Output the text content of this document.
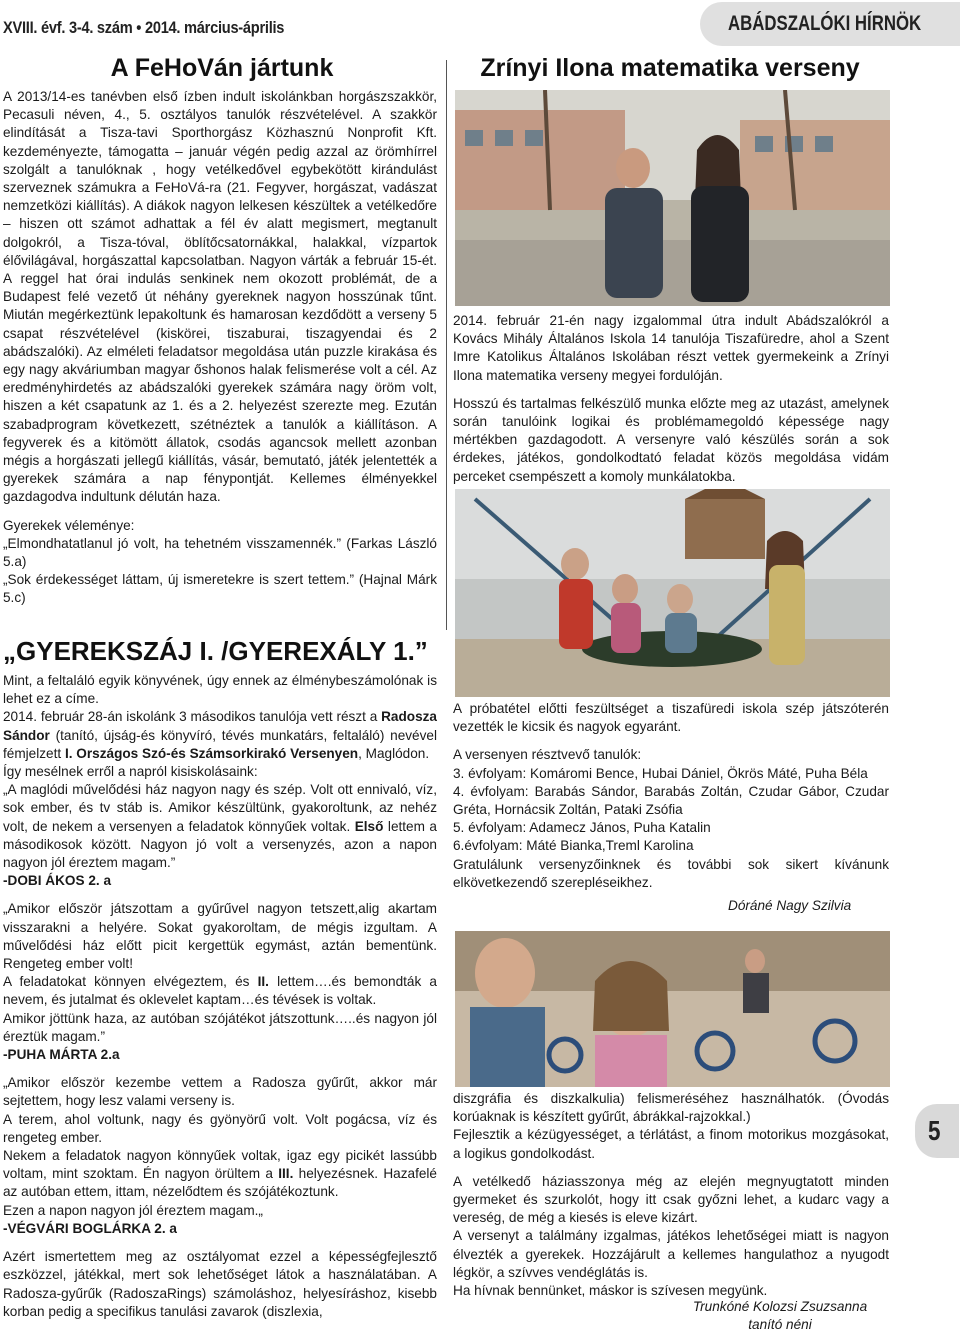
XVIII. évf. 3-4. szám • 2014. március-április	ABÁDSZALÓKI HÍRNÖK
A FeHoVán jártunk

A 2013/14-es tanévben első ízben indult iskolánkban horgászszakkör, Pecasuli néven, 4., 5. osztályos tanulók részvételével. A szakkör elindítását a Tisza-tavi Sporthorgász Közhasznú Nonprofit Kft. kezdeményezte, támogatta – január végén pedig azzal az örömhírrel szolgált a tanulóknak , hogy vetélkedővel egybekötött kirándulást szerveznek számukra a FeHoVá-ra (21. Fegyver, horgászat, vadászat nemzetközi kiállítás). A diákok nagyon lelkesen készültek a vetélkedőre – hiszen ott számot adhattak a fél év alatt megismert, megtanult dolgokról, a Tisza-tóval, öblítőcsatornákkal, halakkal, vízpartok élővilágával, horgászattal kapcsolatban. Nagyon várták a február 15-ét. A reggel hat órai indulás senkinek nem okozott problémát, de a Budapest felé vezető út néhány gyereknek nagyon hosszúnak tűnt. Miután megérkeztünk lepakoltunk és hamarosan kezdődött a verseny 5 csapat részvételével (kiskörei, tiszaburai, tiszagyendai és 2 abádszalóki). Az elméleti feladatsor megoldása után puzzle kirakása és egy nagy akváriumban magyar őshonos halak felismerése volt a cél. Az eredményhirdetés az abádszalóki gyerekek számára nagy öröm volt, hiszen a két csapatunk az 1. és a 2. helyezést szerezte meg. Ezután szabadprogram következett, szétnéztek a tanulók a kiállításon. A fegyverek és a kitömött állatok, csodás agancsok mellett azonban mégis a horgászati jellegű kiállítás, vásár, bemutató, játék jelentették a gyerekek számára a nap fénypontját. Kellemes élményekkel gazdagodva indultunk délután haza.

Gyerekek véleménye:

„Elmondhatatlanul jó volt, ha tehetném visszamennék.” (Farkas László 5.a)

„Sok érdekességet láttam, új ismeretekre is szert tettem.” (Hajnal Márk 5.c)

„GYEREKSZÁJ I. /GYEREXÁLY 1.”

Mint, a feltaláló egyik könyvének, úgy ennek az élménybeszámolónak is lehet ez a címe.

2014. február 28-án iskolánk 3 másodikos tanulója vett részt a Radosza Sándor (tanító, újság-és könyvíró, tévés munkatárs, feltaláló) nevével fémjelzett I. Országos Szó-és Számsorkirakó Versenyen, Maglódon.

Így mesélnek erről a napról kisiskolásaink:

„A maglódi művelődési ház nagyon nagy és szép. Volt ott ennivaló, víz, sok ember, és tv stáb is. Amikor készültünk, gyakoroltunk, az nehéz volt, de nekem a versenyen a feladatok könnyűek voltak. Első lettem a másodikosok között. Nagyon jó volt a versenyzés, azon a napon nagyon jól éreztem magam.”

-DOBI ÁKOS 2. a

„Amikor először játszottam a gyűrűvel nagyon tetszett,alig akartam visszarakni a helyére. Sokat gyakoroltam, de mégis izgultam. A művelődési ház előtt picit kergettük egymást, aztán bementünk. Rengeteg ember volt!

A feladatokat könnyen elvégeztem, és II. lettem….és bemondták a nevem, és jutalmat és oklevelet kaptam…és tévések is voltak.

Amikor jöttünk haza, az autóban szójátékot játszottunk…..és nagyon jól éreztük magam.”

-PUHA MÁRTA 2.a

„Amikor először kezembe vettem a Radosza gyűrűt, akkor már sejtettem, hogy lesz valami verseny is.

A terem, ahol voltunk, nagy és gyönyörű volt. Volt pogácsa, víz és rengeteg ember.

Nekem a feladatok nagyon könnyűek voltak, igaz egy picikét lassúbb voltam, mint szoktam. Én nagyon örültem a III. helyezésnek. Hazafelé az autóban ettem, ittam, nézelődtem és szójátékoztunk.

Ezen a napon nagyon jól éreztem magam.„

-VÉGVÁRI BOGLÁRKA 2. a

Azért ismertettem meg az osztályomat ezzel a képességfejlesztő eszközzel, játékkal, mert sok lehetőséget látok a használatában. A Radosza-gyűrűk (RadoszaRings) számoláshoz, helyesíráshoz, kisebb korban pedig a specifikus tanulási zavarok (diszlexia,

Zrínyi Ilona matematika verseny

2014. február 21-én nagy izgalommal útra indult Abádszalókról a Kovács Mihály Általános Iskola 14 tanulója Tiszafüredre, ahol a Szent Imre Katolikus Általános Iskolában részt vettek gyermekeink a Zrínyi Ilona matematika verseny megyei fordulóján.

Hosszú és tartalmas felkészülő munka előzte meg az utazást, amelynek során tanulóink logikai és problémamegoldó képessége nagy mértékben gazdagodott. A versenyre való készülés során a sok érdekes, játékos, gondolkodtató feladat közös megoldása vidám perceket csempészett a komoly munkálatokba.

A próbatétel előtti feszültséget a tiszafüredi iskola szép játszóterén vezették le kicsik és nagyok egyaránt.

A versenyen résztvevő tanulók:

3. évfolyam: Komáromi Bence, Hubai Dániel, Ökrös Máté, Puha Béla

4. évfolyam: Barabás Sándor, Barabás Zoltán, Czudar Gábor, Czudar Gréta, Hornácsik Zoltán, Pataki Zsófia

5. évfolyam: Adamecz János, Puha Katalin

6.évfolyam: Máté Bianka,Treml Karolina

Gratulálunk versenyzőinknek és további sok sikert kívánunk elkövetkezendő szerepléseikhez.

Dóráné Nagy Szilvia

diszgráfia és diszkalkulia) felismeréséhez használhatók. (Óvodás korúaknak is készített gyűrűt, ábrákkal-rajzokkal.)

Fejlesztik a kézügyességet, a térlátást, a finom motorikus mozgásokat, a logikus gondolkodást.

A vetélkedő háziasszonya még az elején megnyugtatott minden gyermeket és szurkolót, hogy itt csak győzni lehet, a kudarc vagy a vereség, de még a kiesés is eleve kizárt.

A versenyt a találmány izgalmas, játékos lehetőségei miatt is nagyon élvezték a gyerekek. Hozzájárult a kellemes hangulathoz a nyugodt légkör, a szívves vendéglátás is.

Ha hívnak bennünket, máskor is szívesen megyünk.

Trunkóné Kolozsi Zsuzsanna

tanító néni

5
